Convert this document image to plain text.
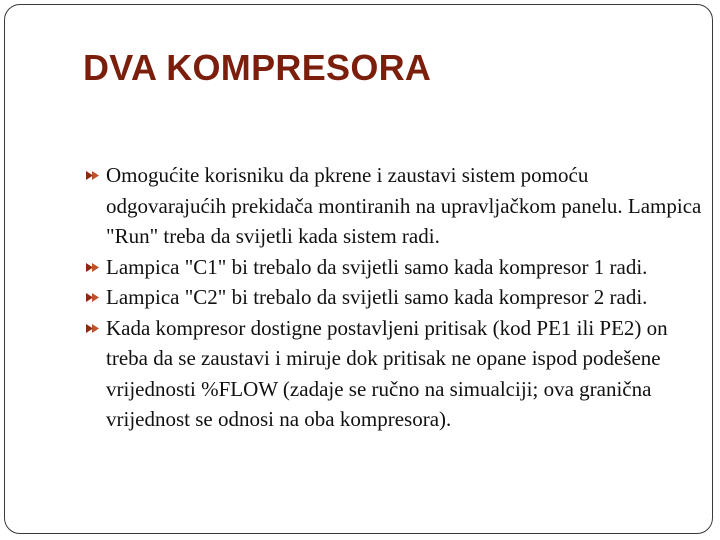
DVA KOMPRESORA
Omogućite korisniku da pkrene i zaustavi sistem pomoću odgovarajućih prekidača montiranih na upravljačkom panelu. Lampica "Run" treba da svijetli kada sistem radi.
Lampica "C1" bi trebalo da svijetli samo kada kompresor 1 radi.
Lampica "C2" bi trebalo da svijetli samo kada kompresor 2 radi.
Kada kompresor dostigne postavljeni pritisak (kod PE1 ili PE2) on treba da se zaustavi i miruje dok pritisak ne opane ispod podešene vrijednosti %FLOW (zadaje se ručno na simualciji; ova granična vrijednost se odnosi na oba kompresora).
